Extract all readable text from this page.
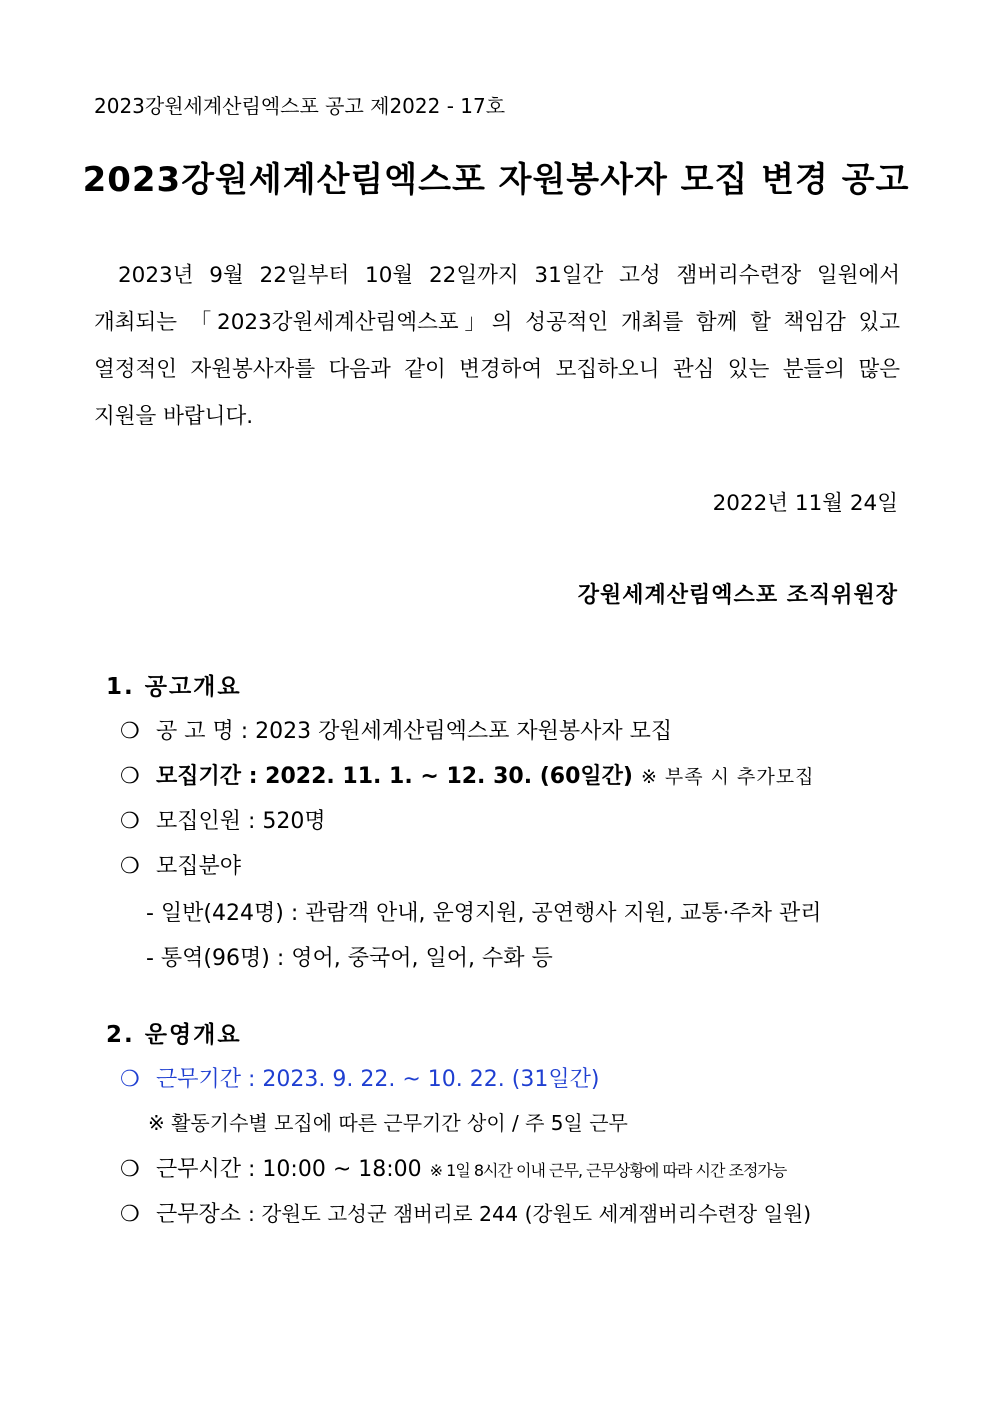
2023강원세계산림엑스포 공고 제2022 - 17호
2023강원세계산림엑스포 자원봉사자 모집 변경 공고
2023년 9월 22일부터 10월 22일까지 31일간 고성 잼버리수련장 일원에서
개최되는 「2023강원세계산림엑스포」의 성공적인 개최를 함께 할 책임감 있고
열정적인 자원봉사자를 다음과 같이 변경하여 모집하오니 관심 있는 분들의 많은
지원을 바랍니다.
2022년 11월 24일
강원세계산림엑스포 조직위원장
1. 공고개요
❍ 공 고 명 : 2023 강원세계산림엑스포 자원봉사자 모집
❍ 모집기간 : 2022. 11. 1. ~ 12. 30. (60일간) ※ 부족 시 추가모집
❍ 모집인원 : 520명
❍ 모집분야
- 일반(424명) : 관람객 안내, 운영지원, 공연행사 지원, 교통·주차 관리
- 통역(96명) : 영어, 중국어, 일어, 수화 등
2. 운영개요
❍ 근무기간 : 2023. 9. 22. ~ 10. 22. (31일간)
※ 활동기수별 모집에 따른 근무기간 상이 / 주 5일 근무
❍ 근무시간 : 10:00 ~ 18:00 ※ 1일 8시간 이내 근무, 근무상황에 따라 시간 조정가능
❍ 근무장소 : 강원도 고성군 잼버리로 244 (강원도 세계잼버리수련장 일원)
